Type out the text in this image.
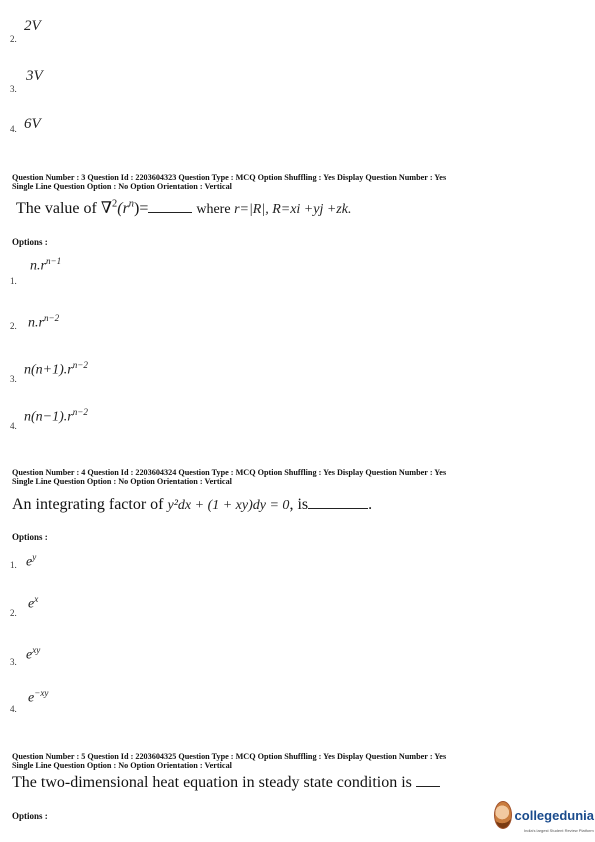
2.
2V
3.
3V
4. 6V
Question Number : 3 Question Id : 2203604323 Question Type : MCQ Option Shuffling : Yes Display Question Number : Yes
Single Line Question Option : No Option Orientation : Vertical
The value of $\nabla^2(r^n)=$	where r=|R|, R=xi +yj +zk.
Options :
1.
$n.r^{n-1}$
2. $n.r^{n-2}$
3.
$n(n+1).r^{n-2}$
4.
$n(n-1).r^{n-2}$
Question Number : 4 Question Id : 2203604324 Question Type : MCQ Option Shuffling : Yes Display Question Number : Yes
Single Line Question Option : No Option Orientation : Vertical
An integrating factor of y²dx + (1 + xy)dy = 0, is	.
Options :
1. $e^y$
2.
$e^x$
3. $e^{xy}$
4.
$e^{-xy}$
Question Number : 5 Question Id : 2203604325 Question Type : MCQ Option Shuffling : Yes Display Question Number : Yes
Single Line Question Option : No Option Orientation : Vertical
The two-dimensional heat equation in steady state condition is
Options :	collegedunia
India's largest Student Review Platform
